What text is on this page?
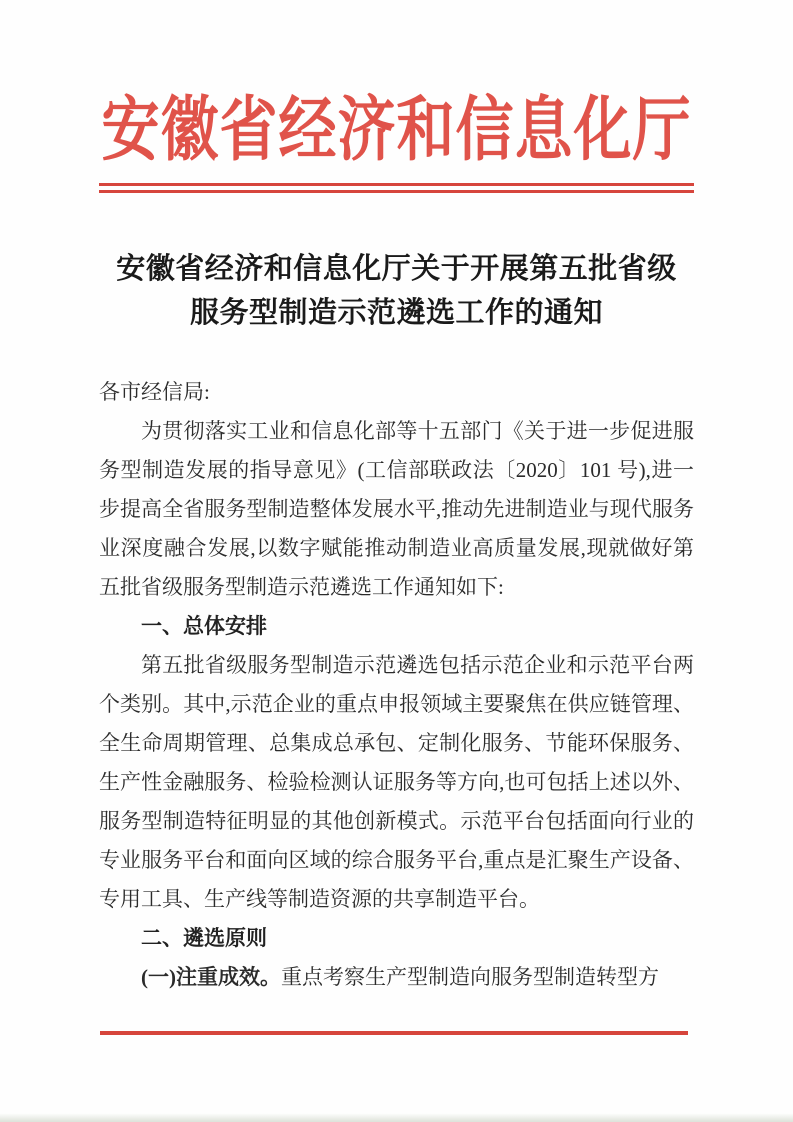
安徽省经济和信息化厅
安徽省经济和信息化厅关于开展第五批省级
服务型制造示范遴选工作的通知

各市经信局:

为贯彻落实工业和信息化部等十五部门《关于进一步促进服务型制造发展的指导意见》(工信部联政法〔2020〕101 号),进一步提高全省服务型制造整体发展水平,推动先进制造业与现代服务业深度融合发展,以数字赋能推动制造业高质量发展,现就做好第五批省级服务型制造示范遴选工作通知如下:

一、总体安排

第五批省级服务型制造示范遴选包括示范企业和示范平台两个类别。其中,示范企业的重点申报领域主要聚焦在供应链管理、全生命周期管理、总集成总承包、定制化服务、节能环保服务、生产性金融服务、检验检测认证服务等方向,也可包括上述以外、服务型制造特征明显的其他创新模式。示范平台包括面向行业的专业服务平台和面向区域的综合服务平台,重点是汇聚生产设备、专用工具、生产线等制造资源的共享制造平台。

二、遴选原则

(一)注重成效。重点考察生产型制造向服务型制造转型方
